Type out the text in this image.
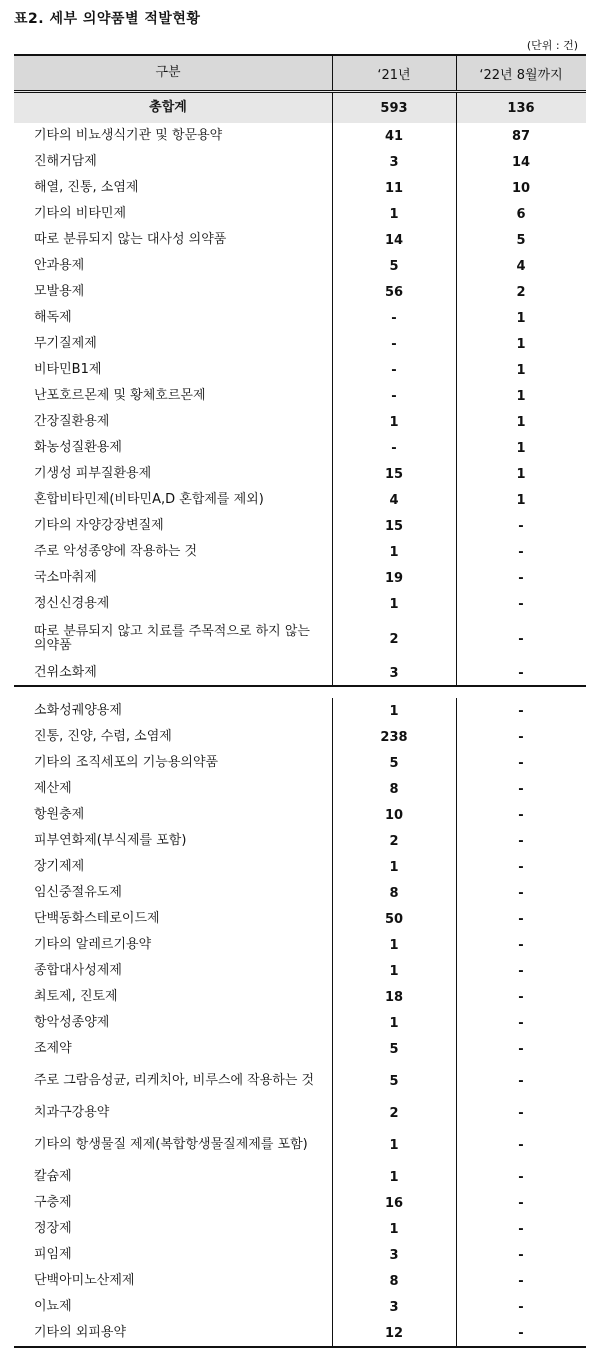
표2. 세부 의약품별 적발현황
(단위 : 건)
구분	‘21년	‘22년 8월까지
총합계	593	136
기타의 비뇨생식기관 및 항문용약	41	87
진해거담제	3	14
해열, 진통, 소염제	11	10
기타의 비타민제	1	6
따로 분류되지 않는 대사성 의약품	14	5
안과용제	5	4
모발용제	56	2
해독제	-	1
무기질제제	-	1
비타민B1제	-	1
난포호르몬제 및 황체호르몬제	-	1
간장질환용제	1	1
화농성질환용제	-	1
기생성 피부질환용제	15	1
혼합비타민제(비타민A,D 혼합제를 제외)	4	1
기타의 자양강장변질제	15	-
주로 악성종양에 작용하는 것	1	-
국소마취제	19	-
정신신경용제	1	-
따로 분류되지 않고 치료를 주목적으로 하지 않는 의약품	2	-
건위소화제	3	-
소화성궤양용제	1	-
진통, 진양, 수렴, 소염제	238	-
기타의 조직세포의 기능용의약품	5	-
제산제	8	-
항원충제	10	-
피부연화제(부식제를 포함)	2	-
장기제제	1	-
임신중절유도제	8	-
단백동화스테로이드제	50	-
기타의 알레르기용약	1	-
종합대사성제제	1	-
최토제, 진토제	18	-
항악성종양제	1	-
조제약	5	-
주로 그람음성균, 리케치아, 비루스에 작용하는 것	5	-
치과구강용약	2	-
기타의 항생물질 제제(복합항생물질제제를 포함)	1	-
칼슘제	1	-
구충제	16	-
정장제	1	-
피임제	3	-
단백아미노산제제	8	-
이뇨제	3	-
기타의 외피용약	12	-
